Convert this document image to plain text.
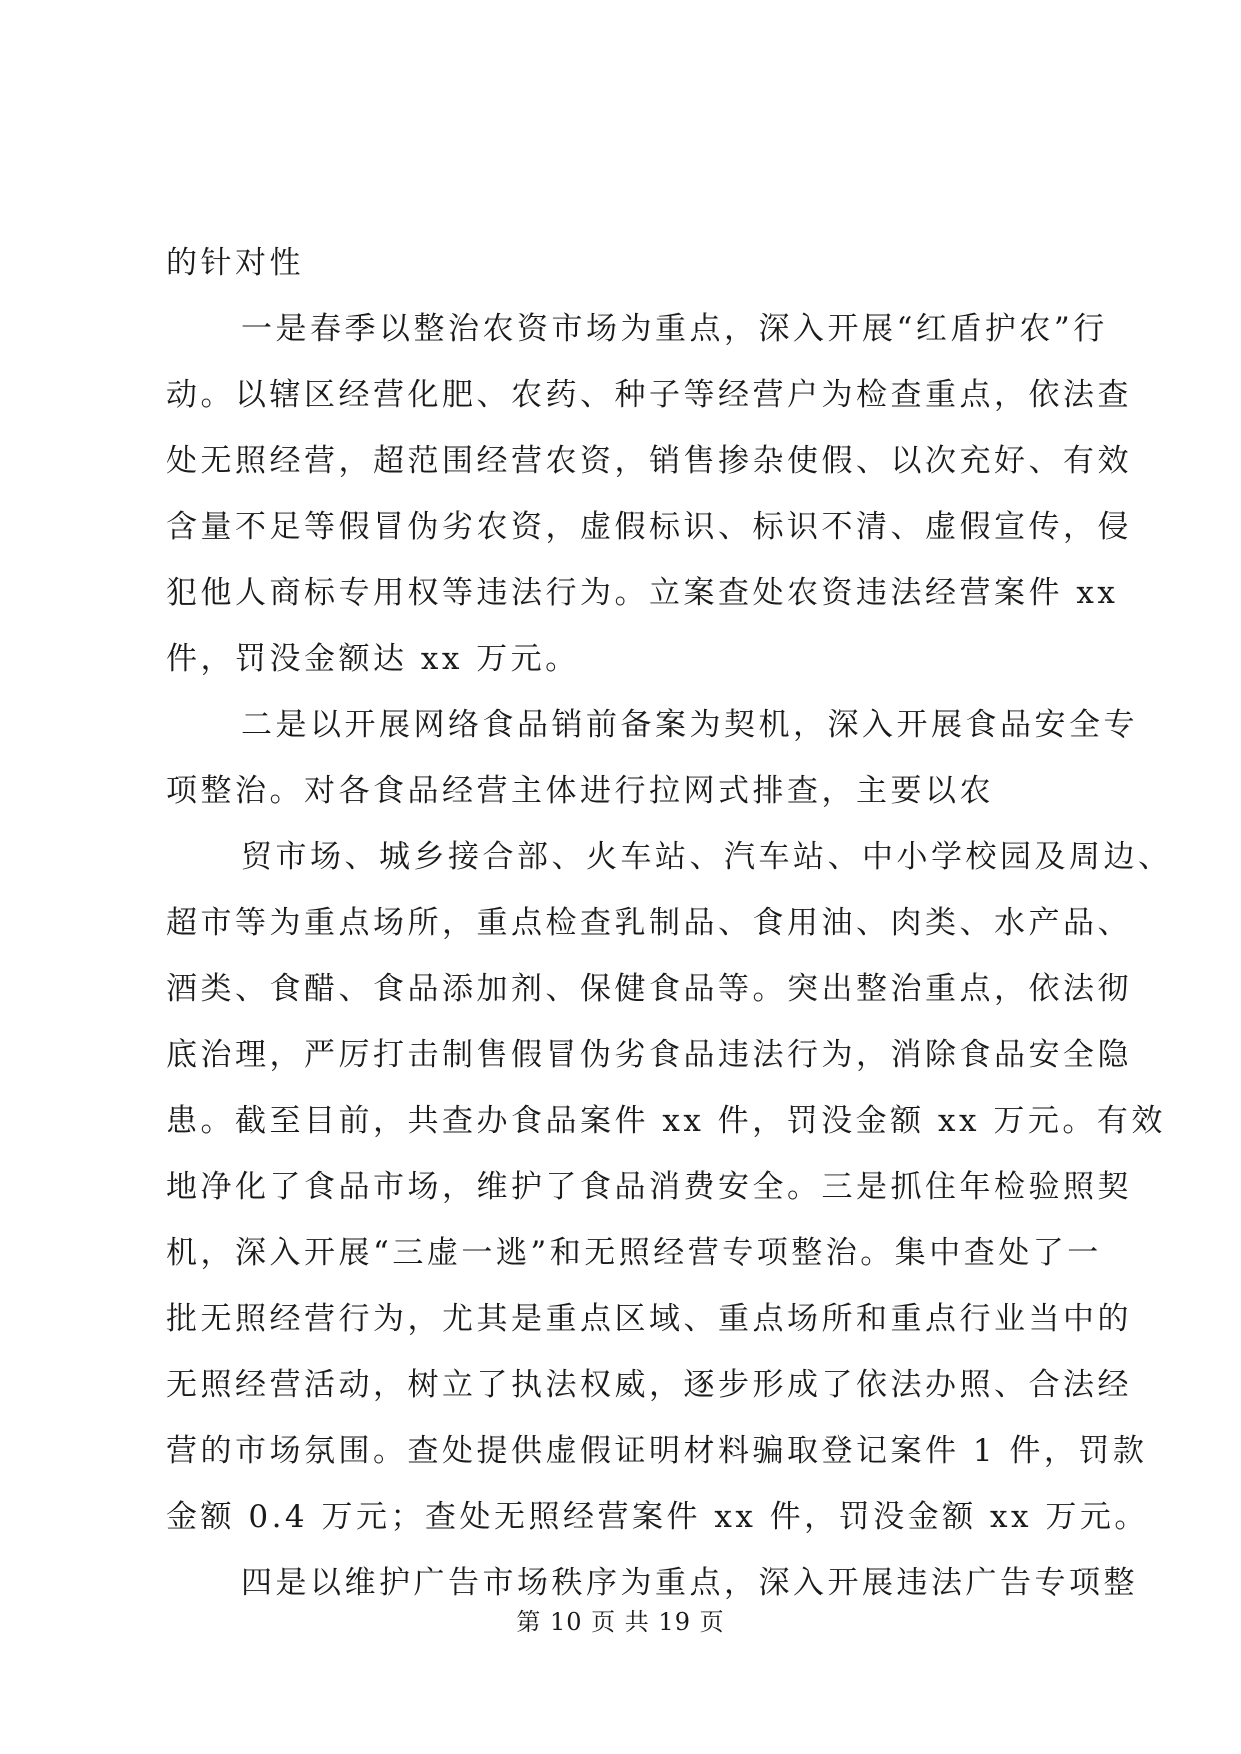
的针对性
一是春季以整治农资市场为重点，深入开展“红盾护农”行
动。以辖区经营化肥、农药、种子等经营户为检查重点，依法查
处无照经营，超范围经营农资，销售掺杂使假、以次充好、有效
含量不足等假冒伪劣农资，虚假标识、标识不清、虚假宣传，侵
犯他人商标专用权等违法行为。立案查处农资违法经营案件 xx
件，罚没金额达 xx 万元。
二是以开展网络食品销前备案为契机，深入开展食品安全专
项整治。对各食品经营主体进行拉网式排查，主要以农
贸市场、城乡接合部、火车站、汽车站、中小学校园及周边、
超市等为重点场所，重点检查乳制品、食用油、肉类、水产品、
酒类、食醋、食品添加剂、保健食品等。突出整治重点，依法彻
底治理，严厉打击制售假冒伪劣食品违法行为，消除食品安全隐
患。截至目前，共查办食品案件 xx 件，罚没金额 xx 万元。有效
地净化了食品市场，维护了食品消费安全。三是抓住年检验照契
机，深入开展“三虚一逃”和无照经营专项整治。集中查处了一
批无照经营行为，尤其是重点区域、重点场所和重点行业当中的
无照经营活动，树立了执法权威，逐步形成了依法办照、合法经
营的市场氛围。查处提供虚假证明材料骗取登记案件 1 件，罚款
金额 0.4 万元；查处无照经营案件 xx 件，罚没金额 xx 万元。
四是以维护广告市场秩序为重点，深入开展违法广告专项整
第 10 页 共 19 页
